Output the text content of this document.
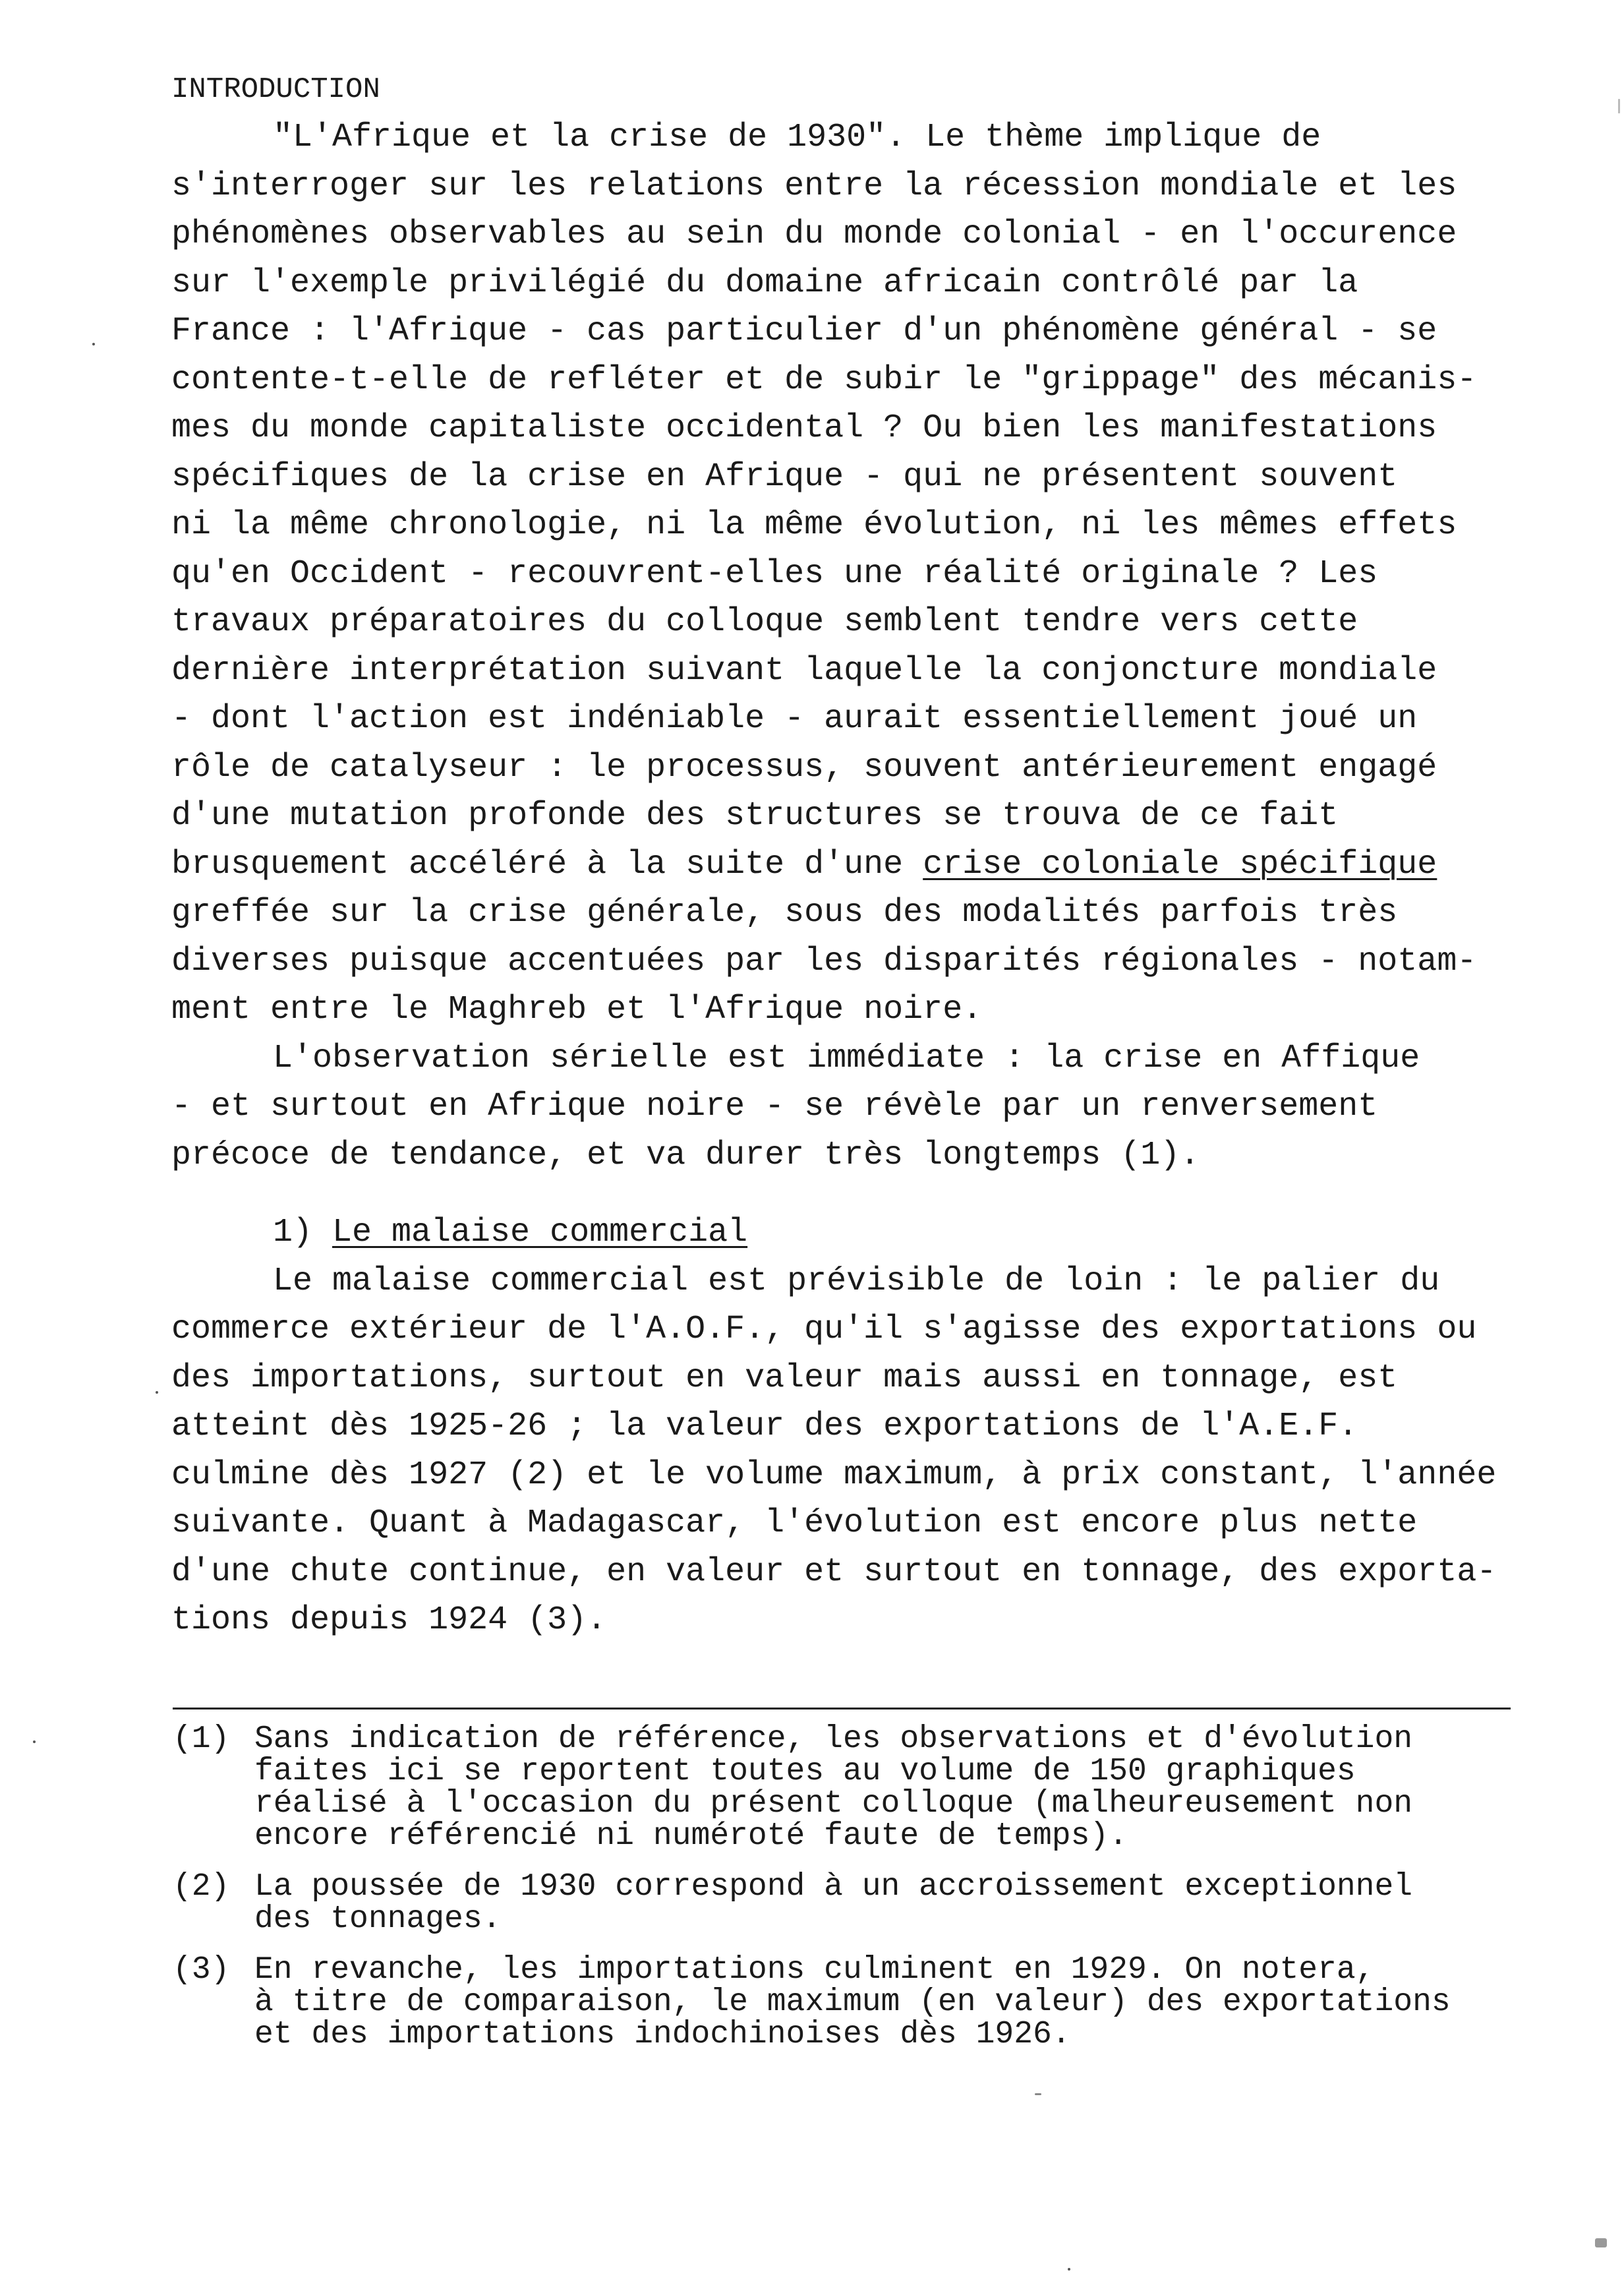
INTRODUCTION
"L'Afrique et la crise de 1930". Le thème implique de
s'interroger sur les relations entre la récession mondiale et les
phénomènes observables au sein du monde colonial - en l'occurence
sur l'exemple privilégié du domaine africain contrôlé par la
France : l'Afrique - cas particulier d'un phénomène général - se
contente-t-elle de refléter et de subir le "grippage" des mécanis-
mes du monde capitaliste occidental ? Ou bien les manifestations
spécifiques de la crise en Afrique - qui ne présentent souvent
ni la même chronologie, ni la même évolution, ni les mêmes effets
qu'en Occident - recouvrent-elles une réalité originale ? Les
travaux préparatoires du colloque semblent tendre vers cette
dernière interprétation suivant laquelle la conjoncture mondiale
- dont l'action est indéniable - aurait essentiellement joué un
rôle de catalyseur : le processus, souvent antérieurement engagé
d'une mutation profonde des structures se trouva de ce fait
brusquement accéléré à la suite d'une crise coloniale spécifique
greffée sur la crise générale, sous des modalités parfois très
diverses puisque accentuées par les disparités régionales - notam-
ment entre le Maghreb et l'Afrique noire.
L'observation sérielle est immédiate : la crise en Affique
- et surtout en Afrique noire - se révèle par un renversement
précoce de tendance, et va durer très longtemps (1).
1) Le malaise commercial
Le malaise commercial est prévisible de loin : le palier du
commerce extérieur de l'A.O.F., qu'il s'agisse des exportations ou
des importations, surtout en valeur mais aussi en tonnage, est
atteint dès 1925-26 ; la valeur des exportations de l'A.E.F.
culmine dès 1927 (2) et le volume maximum, à prix constant, l'année
suivante. Quant à Madagascar, l'évolution est encore plus nette
d'une chute continue, en valeur et surtout en tonnage, des exporta-
tions depuis 1924 (3).
(1) Sans indication de référence, les observations et d'évolution
faites ici se reportent toutes au volume de 150 graphiques
réalisé à l'occasion du présent colloque (malheureusement non
encore référencié ni numéroté faute de temps).
(2) La poussée de 1930 correspond à un accroissement exceptionnel
des tonnages.
(3) En revanche, les importations culminent en 1929. On notera,
à titre de comparaison, le maximum (en valeur) des exportations
et des importations indochinoises dès 1926.
